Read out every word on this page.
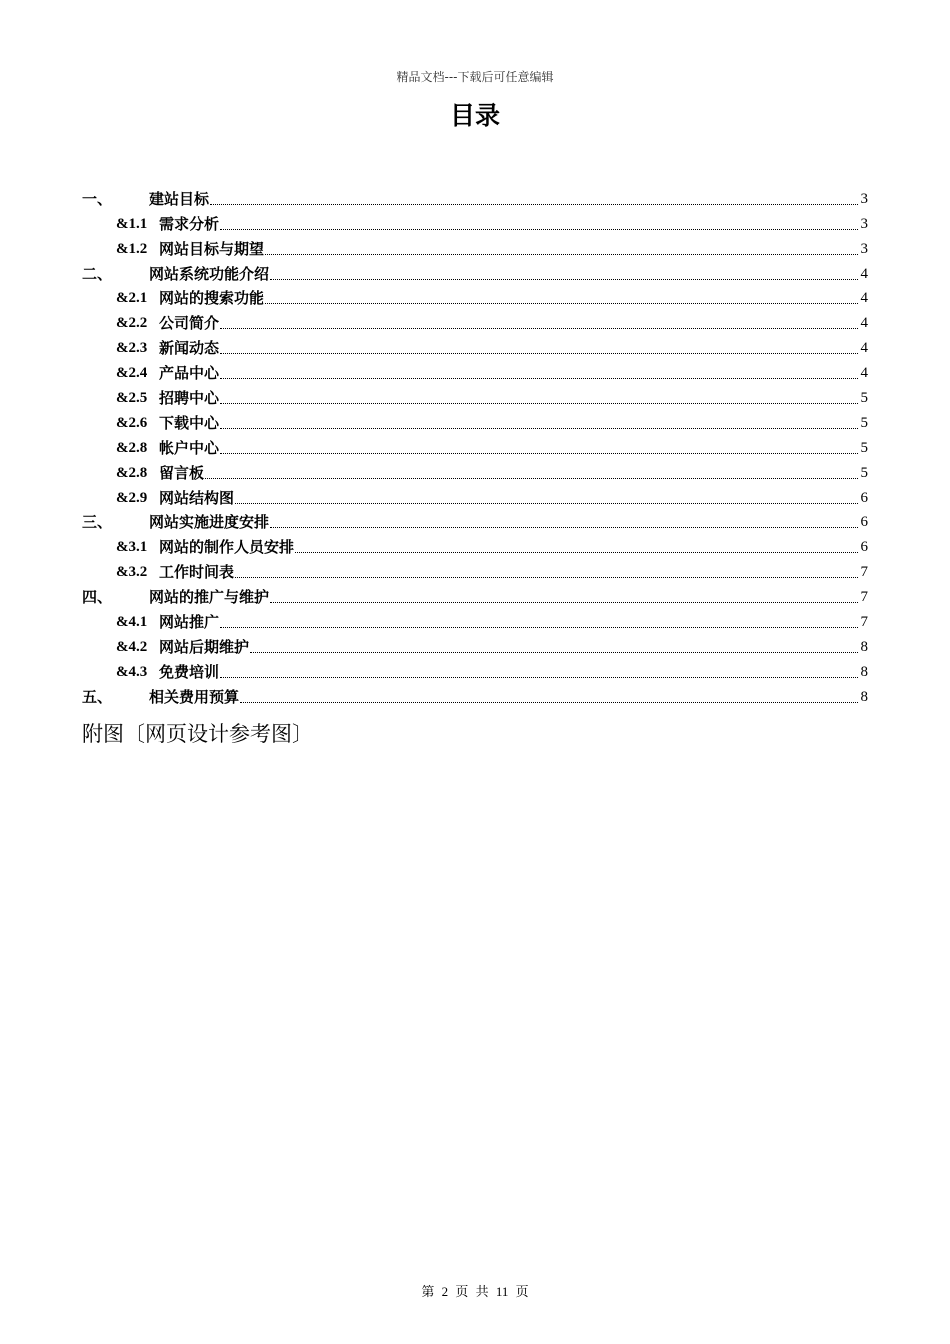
精品文档---下载后可任意编辑
目录
一、	建站目标	3
&1.1 需求分析	3
&1.2 网站目标与期望	3
二、	网站系统功能介绍	4
&2.1 网站的搜索功能	4
&2.2 公司简介	4
&2.3 新闻动态	4
&2.4 产品中心	4
&2.5 招聘中心	5
&2.6 下载中心	5
&2.8 帐户中心	5
&2.8 留言板	5
&2.9 网站结构图	6
三、	网站实施进度安排	6
&3.1 网站的制作人员安排	6
&3.2 工作时间表	7
四、	网站的推广与维护	7
&4.1 网站推广	7
&4.2 网站后期维护	8
&4.3 免费培训	8
五、	相关费用预算	8
附图〔网页设计参考图〕
第 2 页 共 11 页
